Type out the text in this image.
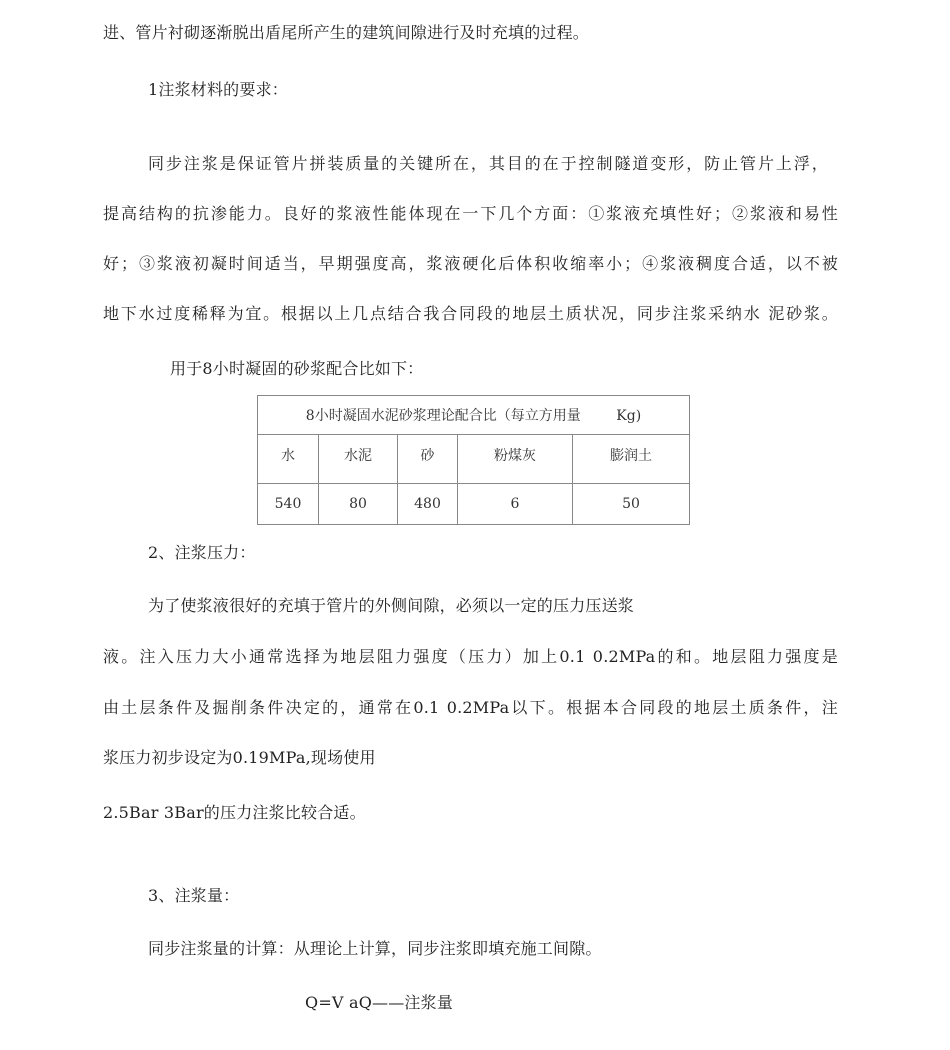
进、管片衬砌逐渐脱出盾尾所产生的建筑间隙进行及时充填的过程。
1注浆材料的要求：
同步注浆是保证管片拼装质量的关键所在，其目的在于控制隧道变形，防止管片上浮，
提高结构的抗渗能力。良好的浆液性能体现在一下几个方面：①浆液充填性好；②浆液和易性
好；③浆液初凝时间适当，早期强度高，浆液硬化后体积收缩率小；④浆液稠度合适，以不被
地下水过度稀释为宜。根据以上几点结合我合同段的地层土质状况，同步注浆采纳水 泥砂浆。
用于8小时凝固的砂浆配合比如下：
8小时凝固水泥砂浆理论配合比（每立方用量        Kg)				
水	水泥	砂	粉煤灰	膨润土
540	80	480	6	50
2、注浆压力：
为了使浆液很好的充填于管片的外侧间隙，必须以一定的压力压送浆
液。注入压力大小通常选择为地层阻力强度（压力）加上0.1 0.2MPa的和。地层阻力强度是
由土层条件及掘削条件决定的，通常在0.1 0.2MPa以下。根据本合同段的地层土质条件，注
浆压力初步设定为0.19MPa,现场使用
2.5Bar 3Bar的压力注浆比较合适。
3、注浆量：
同步注浆量的计算：从理论上计算，同步注浆即填充施工间隙。
Q=V aQ——注浆量
